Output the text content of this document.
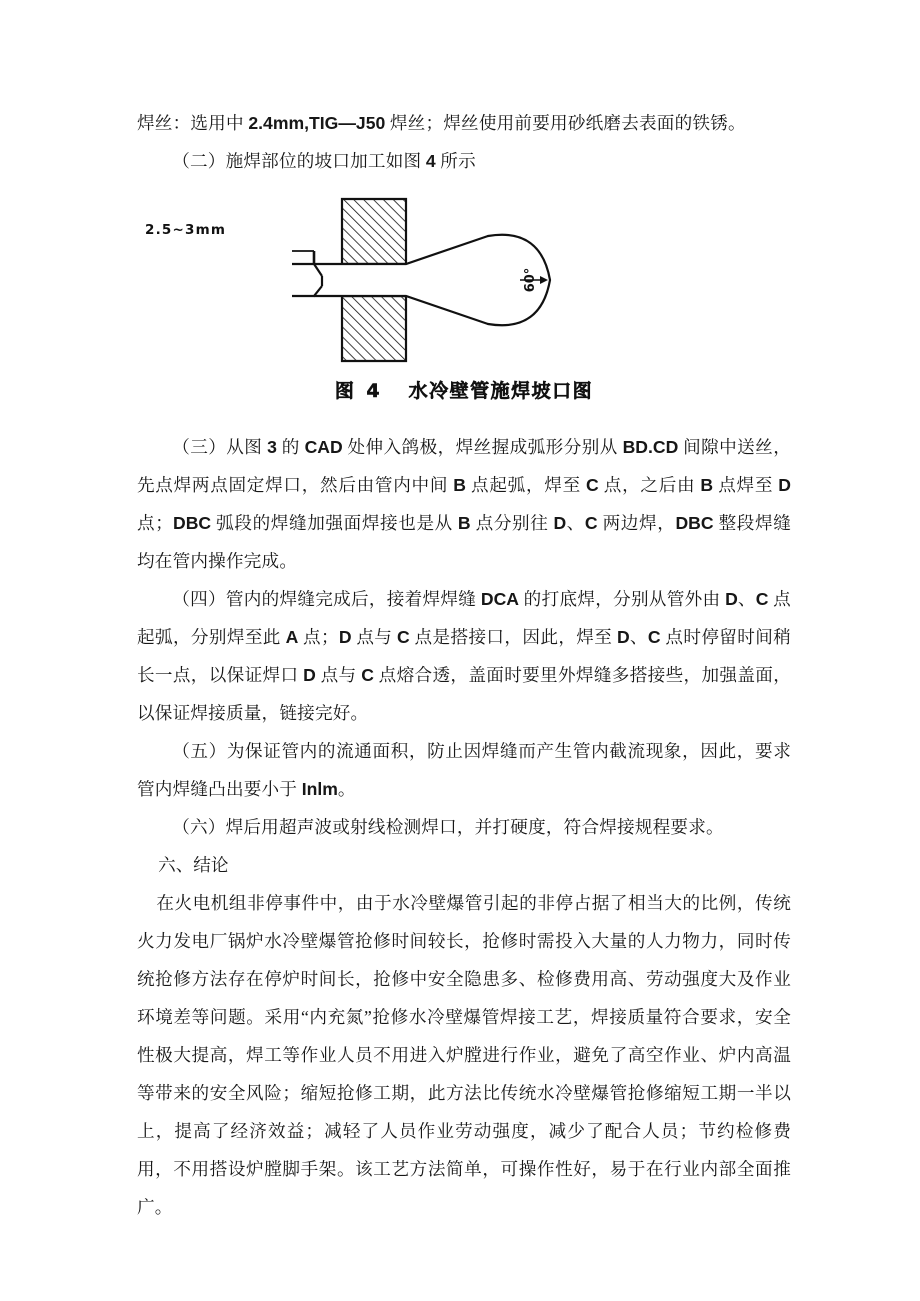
焊丝：选用中 2.4mm,TIG—J50 焊丝；焊丝使用前要用砂纸磨去表面的铁锈。

（二）施焊部位的坡口加工如图 4 所示

60°
2.5~3mm
图 4 水冷壁管施焊坡口图

（三）从图 3 的 CAD 处伸入鸽极，焊丝握成弧形分别从 BD.CD 间隙中送丝，先点焊两点固定焊口，然后由管内中间 B 点起弧，焊至 C 点，之后由 B 点焊至 D 点；DBC 弧段的焊缝加强面焊接也是从 B 点分别往 D、C 两边焊，DBC 整段焊缝均在管内操作完成。

（四）管内的焊缝完成后，接着焊焊缝 DCA 的打底焊，分别从管外由 D、C 点起弧，分别焊至此 A 点；D 点与 C 点是搭接口，因此，焊至 D、C 点时停留时间稍长一点，以保证焊口 D 点与 C 点熔合透，盖面时要里外焊缝多搭接些，加强盖面，以保证焊接质量，链接完好。

（五）为保证管内的流通面积，防止因焊缝而产生管内截流现象，因此，要求管内焊缝凸出要小于 Inlm。

（六）焊后用超声波或射线检测焊口，并打硬度，符合焊接规程要求。

六、结论

在火电机组非停事件中，由于水冷壁爆管引起的非停占据了相当大的比例，传统火力发电厂锅炉水冷壁爆管抢修时间较长，抢修时需投入大量的人力物力，同时传统抢修方法存在停炉时间长，抢修中安全隐患多、检修费用高、劳动强度大及作业环境差等问题。采用“内充氮”抢修水冷壁爆管焊接工艺，焊接质量符合要求，安全性极大提高，焊工等作业人员不用进入炉膛进行作业，避免了高空作业、炉内高温等带来的安全风险；缩短抢修工期，此方法比传统水冷壁爆管抢修缩短工期一半以上，提高了经济效益；减轻了人员作业劳动强度，减少了配合人员；节约检修费用，不用搭设炉膛脚手架。该工艺方法简单，可操作性好，易于在行业内部全面推广。
